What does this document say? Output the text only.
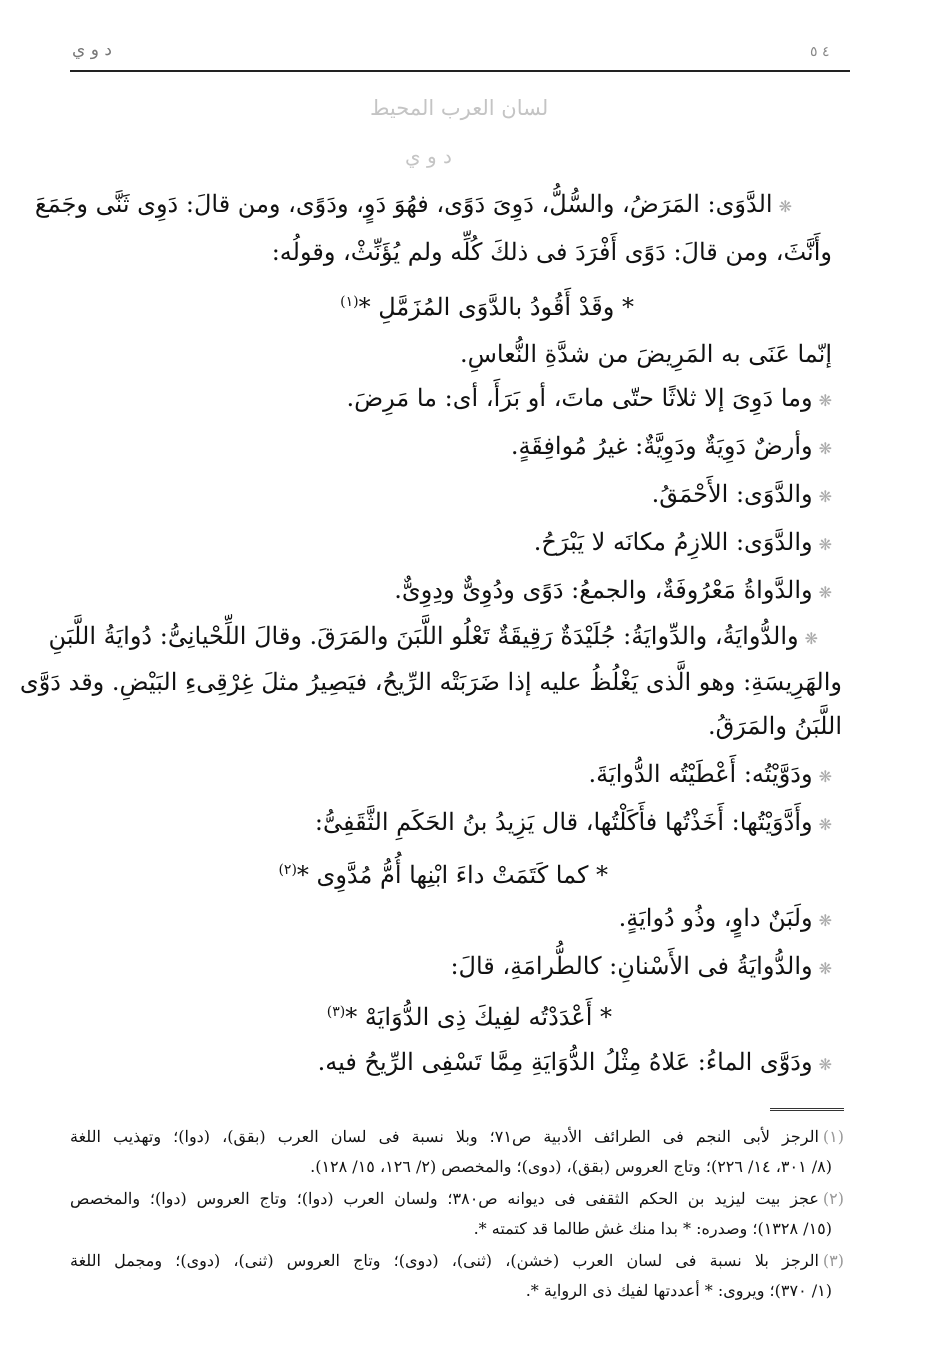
ﺩ ﻭ ﻱ	٤ ٥
ﻟﺴﺎﻥ ﺍﻟﻌﺮﺏ ﺍﻟﻤﺤﻴﻂ
ﺩ ﻭ ﻱ
❋الدَّوَى: المَرَضُ، والسُّلُّ، دَوِىَ دَوًى، فهُوَ دَوٍ، ودَوًى، ومن قالَ: دَوِى ثَنَّى وجَمَعَ
وأَنَّثَ، ومن قالَ: دَوًى أَفْرَدَ فى ذلكَ كُلِّه ولم يُؤَنِّثْ، وقولُه:
* وقَدْ أَقُودُ بالدَّوَى المُزَمَّلِ *$^{(١)}$
إنّما عَنَى به المَرِيضَ من شدَّةِ النُّعاسِ.
❋وما دَوِىَ إلا ثلاثًا حتّى ماتَ، أو بَرَأَ، أى: ما مَرِضَ.
❋وأرضٌ دَوِيَةٌ ودَوِيَّةٌ: غيرُ مُوافِقَةٍ.
❋والدَّوَى: الأَحْمَقُ.
❋والدَّوَى: اللازِمُ مكانَه لا يَبْرَحُ.
❋والدَّواةُ مَعْرُوفَةٌ، والجمعُ: دَوًى ودُوِىٌّ ودِوِىٌّ.
❋والدُّوايَةُ، والدِّوايَةُ: جُلَيْدَةٌ رَقِيقَةٌ تَعْلُو اللَّبَنَ والمَرَقَ. وقالَ اللِّحْيانِىُّ: دُوايَةُ اللَّبَنِ
والهَرِيسَةِ: وهو الَّذى يَغْلُظُ عليه إذا ضَرَبَتْه الرِّيحُ، فيَصِيرُ مثلَ غِرْقِىءِ البَيْضِ. وقد دَوَّى
اللَّبَنُ والمَرَقُ.
❋ودَوَّيْتُه: أَعْطَيْتُه الدُّوايَةَ.
❋وأَدَّوَيْتُها: أَخَذْتُها فأَكَلْتُها، قال يَزِيدُ بنُ الحَكَمِ الثَّقَفِىُّ:
* كما كَتَمَتْ داءَ ابْنِها أُمُّ مُدَّوِى *$^{(٢)}$
❋ولَبَنٌ داوٍ، وذُو دُوايَةٍ.
❋والدُّوايَةُ فى الأَسْنانِ: كالطُّرامَةِ، قالَ:
* أَعْدَدْتُه لفِيكَ ذِى الدُّوَايَهْ *$^{(٣)}$
❋ودَوَّى الماءُ: عَلاهُ مِثْلُ الدُّوَايَةِ مِمَّا تَسْفِى الرِّيحُ فيه.
(١)الرجز لأبى النجم فى الطرائف الأدبية ص٧١؛ وبلا نسبة فى لسان العرب (بقق)، (دوا)؛ وتهذيب اللغة
(٨/ ٣٠١، ١٤/ ٢٢٦)؛ وتاج العروس (بقق)، (دوى)؛ والمخصص (٢/ ١٢٦، ١٥/ ١٢٨).
(٢)عجز بيت ليزيد بن الحكم الثقفى فى ديوانه ص٣٨٠؛ ولسان العرب (دوا)؛ وتاج العروس (دوا)؛ والمخصص
(١٥/ ١٣٢٨)؛ وصدره: * بدا منك غش طالما قد كتمته *.
(٣)الرجز بلا نسبة فى لسان العرب (خشن)، (ثنى)، (دوى)؛ وتاج العروس (ثنى)، (دوى)؛ ومجمل اللغة
(١/ ٣٧٠)؛ ويروى: * أعددتها لفيك ذى الرواية *.
